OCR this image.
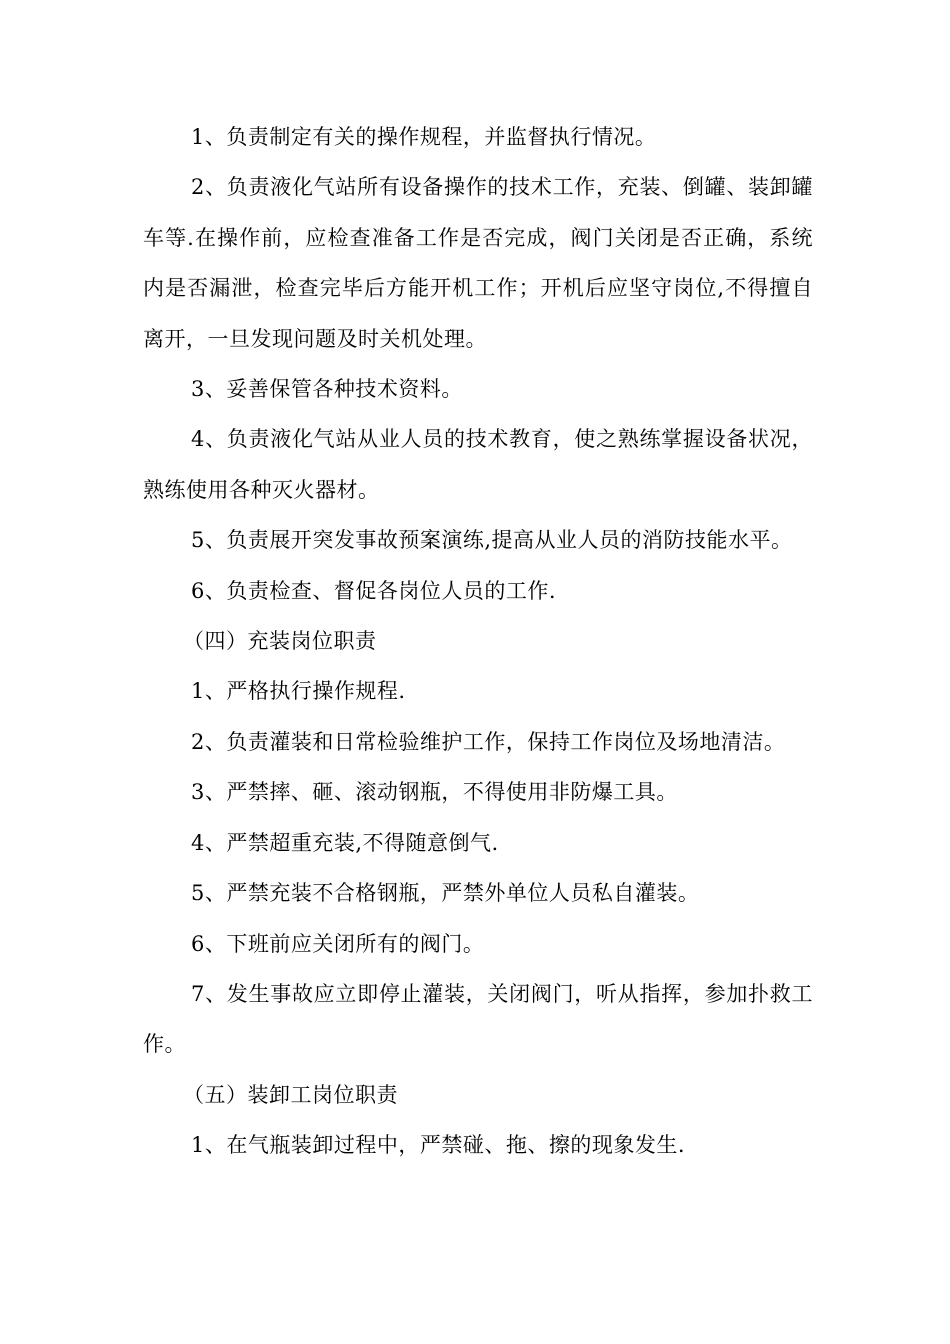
1、负责制定有关的操作规程，并监督执行情况。

2、负责液化气站所有设备操作的技术工作，充装、倒罐、装卸罐车等.在操作前，应检查准备工作是否完成，阀门关闭是否正确，系统内是否漏泄，检查完毕后方能开机工作；开机后应坚守岗位,不得擅自离开，一旦发现问题及时关机处理。

3、妥善保管各种技术资料。

4、负责液化气站从业人员的技术教育，使之熟练掌握设备状况，熟练使用各种灭火器材。

5、负责展开突发事故预案演练,提高从业人员的消防技能水平。

6、负责检查、督促各岗位人员的工作.

（四）充装岗位职责

1、严格执行操作规程.

2、负责灌装和日常检验维护工作，保持工作岗位及场地清洁。

3、严禁摔、砸、滚动钢瓶，不得使用非防爆工具。

4、严禁超重充装,不得随意倒气.

5、严禁充装不合格钢瓶，严禁外单位人员私自灌装。

6、下班前应关闭所有的阀门。

7、发生事故应立即停止灌装，关闭阀门，听从指挥，参加扑救工作。

（五）装卸工岗位职责

1、在气瓶装卸过程中，严禁碰、拖、擦的现象发生.
